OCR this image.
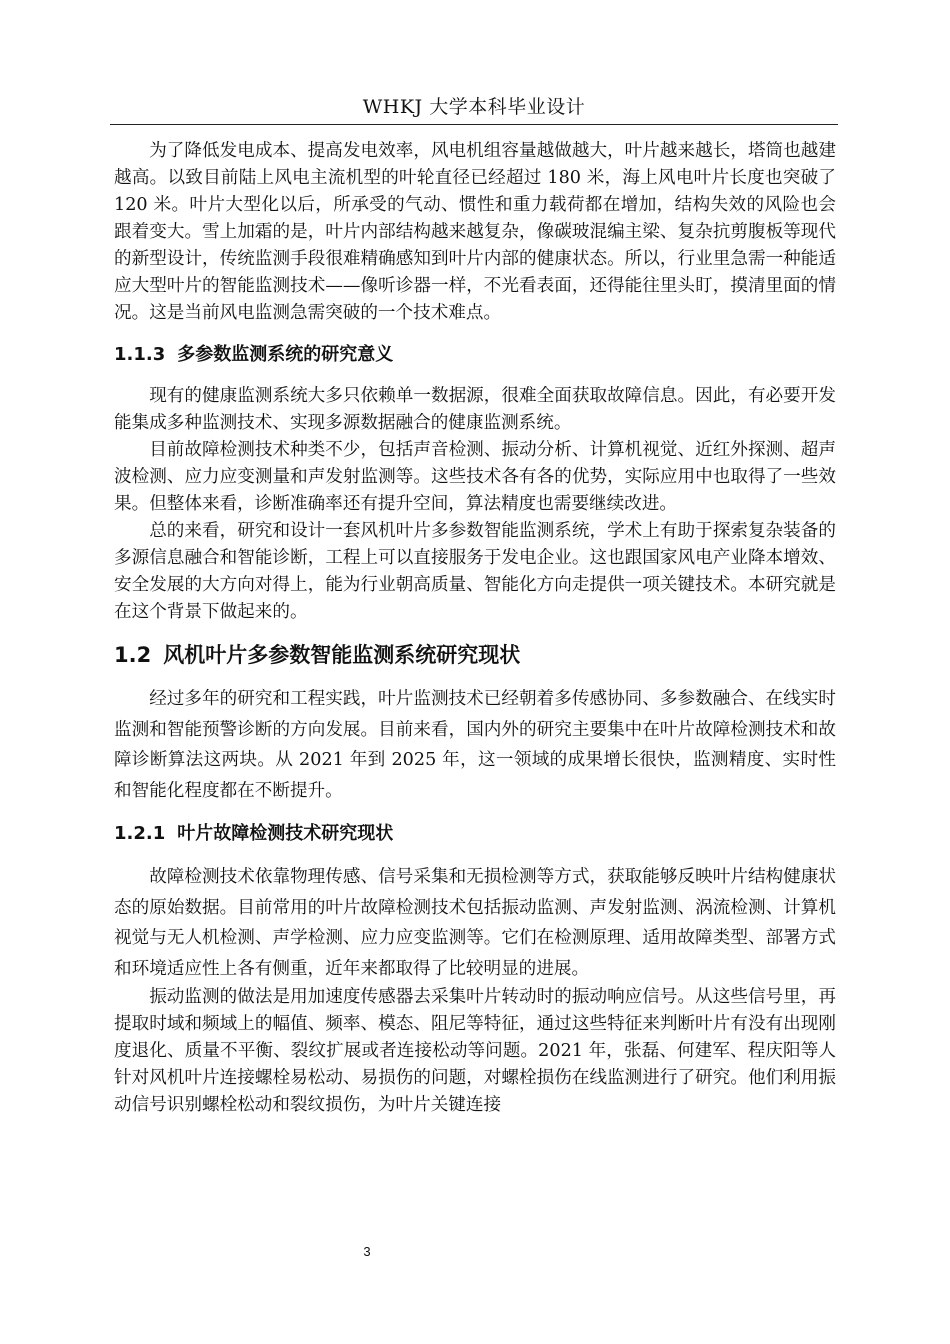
WHKJ 大学本科毕业设计

为了降低发电成本、提高发电效率，风电机组容量越做越大，叶片越来越长，塔筒也越建越高。以致目前陆上风电主流机型的叶轮直径已经超过 180 米，海上风电叶片长度也突破了 120 米。叶片大型化以后，所承受的气动、惯性和重力载荷都在增加，结构失效的风险也会跟着变大。雪上加霜的是，叶片内部结构越来越复杂，像碳玻混编主梁、复杂抗剪腹板等现代的新型设计，传统监测手段很难精确感知到叶片内部的健康状态。所以，行业里急需一种能适应大型叶片的智能监测技术——像听诊器一样，不光看表面，还得能往里头盯，摸清里面的情况。这是当前风电监测急需突破的一个技术难点。

1.1.3 多参数监测系统的研究意义

现有的健康监测系统大多只依赖单一数据源，很难全面获取故障信息。因此，有必要开发能集成多种监测技术、实现多源数据融合的健康监测系统。

目前故障检测技术种类不少，包括声音检测、振动分析、计算机视觉、近红外探测、超声波检测、应力应变测量和声发射监测等。这些技术各有各的优势，实际应用中也取得了一些效果。但整体来看，诊断准确率还有提升空间，算法精度也需要继续改进。

总的来看，研究和设计一套风机叶片多参数智能监测系统，学术上有助于探索复杂装备的多源信息融合和智能诊断，工程上可以直接服务于发电企业。这也跟国家风电产业降本增效、安全发展的大方向对得上，能为行业朝高质量、智能化方向走提供一项关键技术。本研究就是在这个背景下做起来的。

1.2 风机叶片多参数智能监测系统研究现状

经过多年的研究和工程实践，叶片监测技术已经朝着多传感协同、多参数融合、在线实时监测和智能预警诊断的方向发展。目前来看，国内外的研究主要集中在叶片故障检测技术和故障诊断算法这两块。从 2021 年到 2025 年，这一领域的成果增长很快，监测精度、实时性和智能化程度都在不断提升。

1.2.1 叶片故障检测技术研究现状

故障检测技术依靠物理传感、信号采集和无损检测等方式，获取能够反映叶片结构健康状态的原始数据。目前常用的叶片故障检测技术包括振动监测、声发射监测、涡流检测、计算机视觉与无人机检测、声学检测、应力应变监测等。它们在检测原理、适用故障类型、部署方式和环境适应性上各有侧重，近年来都取得了比较明显的进展。

振动监测的做法是用加速度传感器去采集叶片转动时的振动响应信号。从这些信号里，再提取时域和频域上的幅值、频率、模态、阻尼等特征，通过这些特征来判断叶片有没有出现刚度退化、质量不平衡、裂纹扩展或者连接松动等问题。2021 年，张磊、何建军、程庆阳等人针对风机叶片连接螺栓易松动、易损伤的问题，对螺栓损伤在线监测进行了研究。他们利用振动信号识别螺栓松动和裂纹损伤，为叶片关键连接

3
